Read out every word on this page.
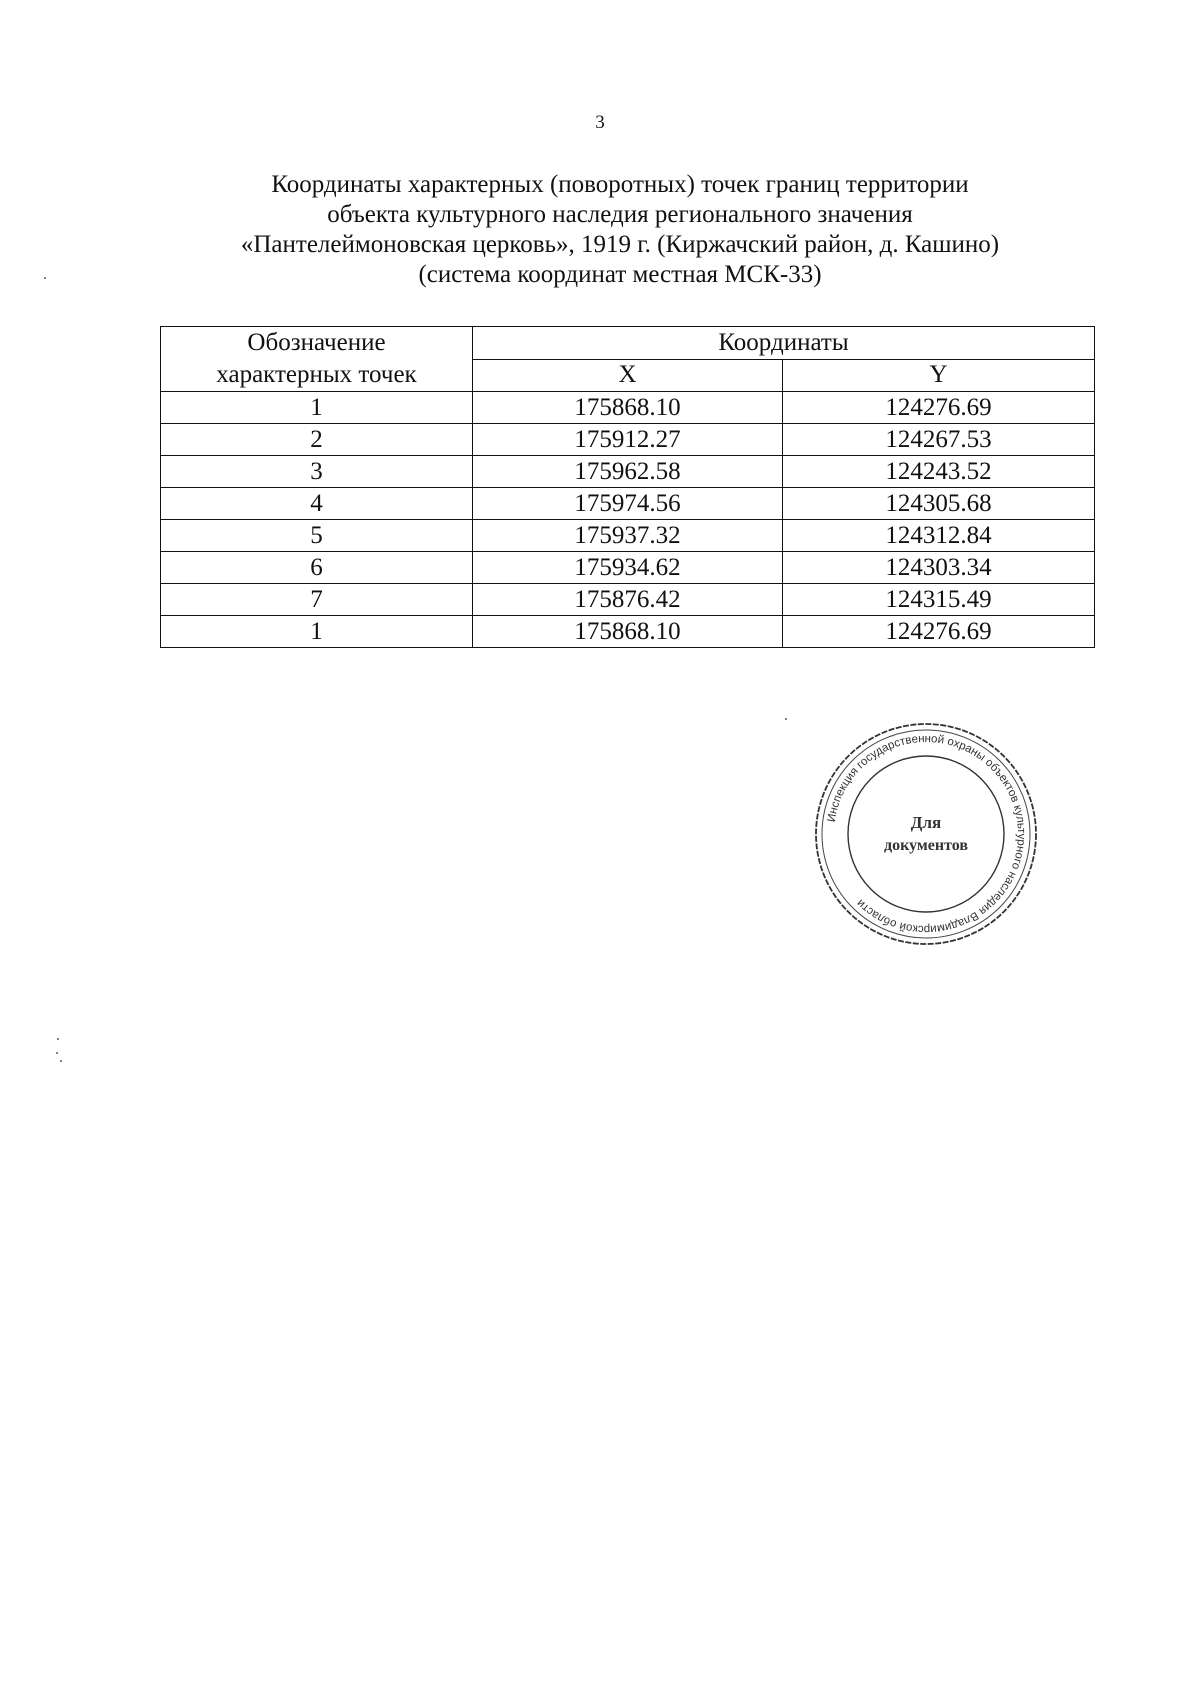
3
Координаты характерных (поворотных) точек границ территории
объекта культурного наследия регионального значения
«Пантелеймоновская церковь», 1919 г. (Киржачский район, д. Кашино)
(система координат местная МСК-33)
Обозначение характерных точек	Координаты	
	X	Y
1	175868.10	124276.69
2	175912.27	124267.53
3	175962.58	124243.52
4	175974.56	124305.68
5	175937.32	124312.84
6	175934.62	124303.34
7	175876.42	124315.49
1	175868.10	124276.69
Инспекция государственной охраны объектов культурного наследия Владимирской области
Для
документов
